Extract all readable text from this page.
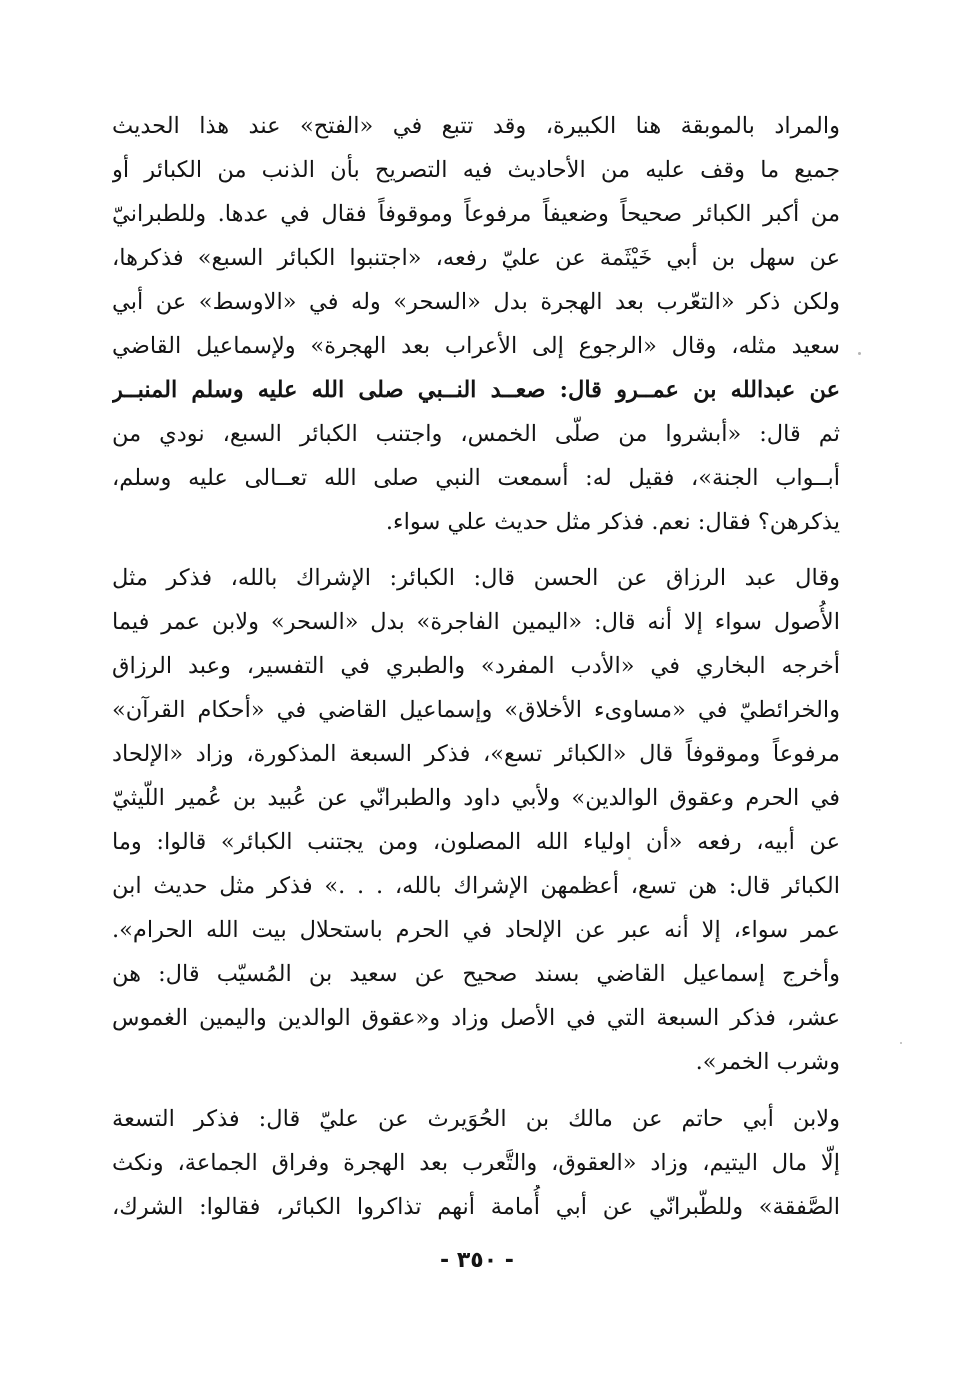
والمراد بالموبقة هنا الكبيرة، وقد تتبع في «الفتح» عند هذا الحديث
جميع ما وقف عليه من الأحاديث فيه التصريح بأن الذنب من الكبائر أو
من أكبر الكبائر صحيحاً وضعيفاً مرفوعاً وموقوفاً فقال في عدها. وللطبرانيّ
عن سهل بن أبي خَيْثَمة عن عليّ رفعه، «اجتنبوا الكبائر السبع» فذكرها،
ولكن ذكر «التعّرب بعد الهجرة بدل «السحر» وله في «الاوسط» عن أبي
سعيد مثله، وقال «الرجوع إلى الأعراب بعد الهجرة» ولإسماعيل القاضي
عن عبدالله بن عمــرو قال: صعــد النــبي صلى الله عليه وسلم المنبــر
ثم قال: «أبشروا من صلّى الخمس، واجتنب الكبائر السبع، نودي من
أبــواب الجنة»، فقيل له: أسمعت النبي صلى الله تعــالى عليه وسلم،
يذكرهن؟ فقال: نعم. فذكر مثل حديث علي سواء.
وقال عبد الرزاق عن الحسن قال: الكبائر: الإشراك بالله، فذكر مثل
الأُصول سواء إلا أنه قال: «اليمين الفاجرة» بدل «السحر» ولابن عمر فيما
أخرجه البخاري في «الأدب المفرد» والطبري في التفسير، وعبد الرزاق
والخرائطيّ في «مساوىء الأخلاق» وإسماعيل القاضي في «أحكام القرآن»
مرفوعاً وموقوفاً قال «الكبائر تسع»، فذكر السبعة المذكورة، وزاد «الإلحاد
في الحرم وعقوق الوالدين» ولأبي داود والطبرانّي عن عُبيد بن عُمير اللّيثيّ
عن أبيه، رفعه «أن اولياء الله المصلون، ومن يجتنب الكبائر» قالوا: وما
الكبائر قال: هن تسع، أعظمهن الإشراك بالله، . . .» فذكر مثل حديث ابن
عمر سواء، إلا أنه عبر عن الإلحاد في الحرم باستحلال بيت الله الحرام».
وأخرج إسماعيل القاضي بسند صحيح عن سعيد بن المُسيّب قال: هن
عشر، فذكر السبعة التي في الأصل وزاد و«عقوق الوالدين واليمين الغموس
وشرب الخمر».
ولابن أبي حاتم عن مالك بن الحُوَيرث عن عليّ قال: فذكر التسعة
إلّا مال اليتيم، وزاد «العقوق، والتَّعرب بعد الهجرة وفراق الجماعة، ونكث
الصَّفقة» وللطّبرانّي عن أبي أُمامة أنهم تذاكروا الكبائر، فقالوا: الشرك،
- ٣٥٠ -
